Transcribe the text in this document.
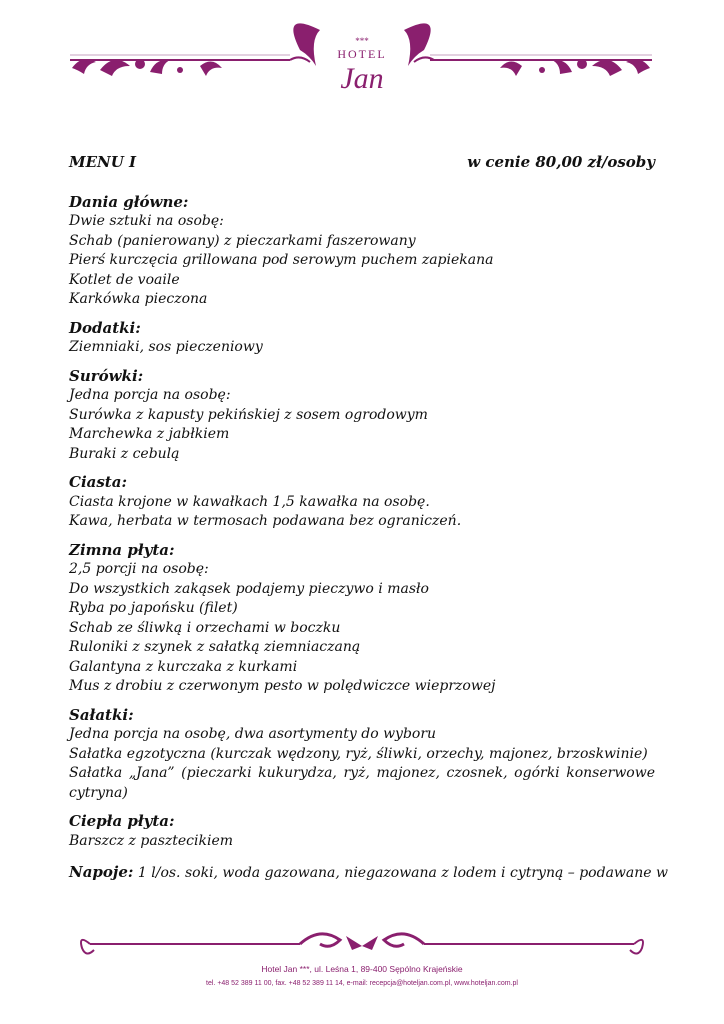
***
HOTEL
Jan
MENU I	w cenie 80,00 zł/osoby
Dania główne:
Dwie sztuki na osobę:
Schab (panierowany) z pieczarkami faszerowany
Pierś kurczęcia grillowana pod serowym puchem zapiekana
Kotlet de voaile
Karkówka pieczona
Dodatki:
Ziemniaki, sos pieczeniowy
Surówki:
Jedna porcja na osobę:
Surówka z kapusty pekińskiej z sosem ogrodowym
Marchewka z jabłkiem
Buraki z cebulą
Ciasta:
Ciasta krojone w kawałkach 1,5 kawałka na osobę.
Kawa, herbata w termosach podawana bez ograniczeń.
Zimna płyta:
2,5 porcji na osobę:
Do wszystkich zakąsek podajemy pieczywo i masło
Ryba po japońsku (filet)
Schab ze śliwką i orzechami w boczku
Ruloniki z szynek z sałatką ziemniaczaną
Galantyna z kurczaka z kurkami
Mus z drobiu z czerwonym pesto w polędwiczce wieprzowej
Sałatki:
Jedna porcja na osobę, dwa asortymenty do wyboru
Sałatka egzotyczna (kurczak wędzony, ryż, śliwki, orzechy, majonez, brzoskwinie)
Sałatka „Jana” (pieczarki kukurydza, ryż, majonez, czosnek, ogórki konserwowe cytryna)
Ciepła płyta:
Barszcz z pasztecikiem
Napoje: 1 l/os. soki, woda gazowana, niegazowana z lodem i cytryną – podawane w
Hotel Jan ***, ul. Leśna 1, 89-400 Sępólno Krajeńskie
tel. +48 52 389 11 00, fax. +48 52 389 11 14, e-mail: recepcja@hoteljan.com.pl, www.hoteljan.com.pl
